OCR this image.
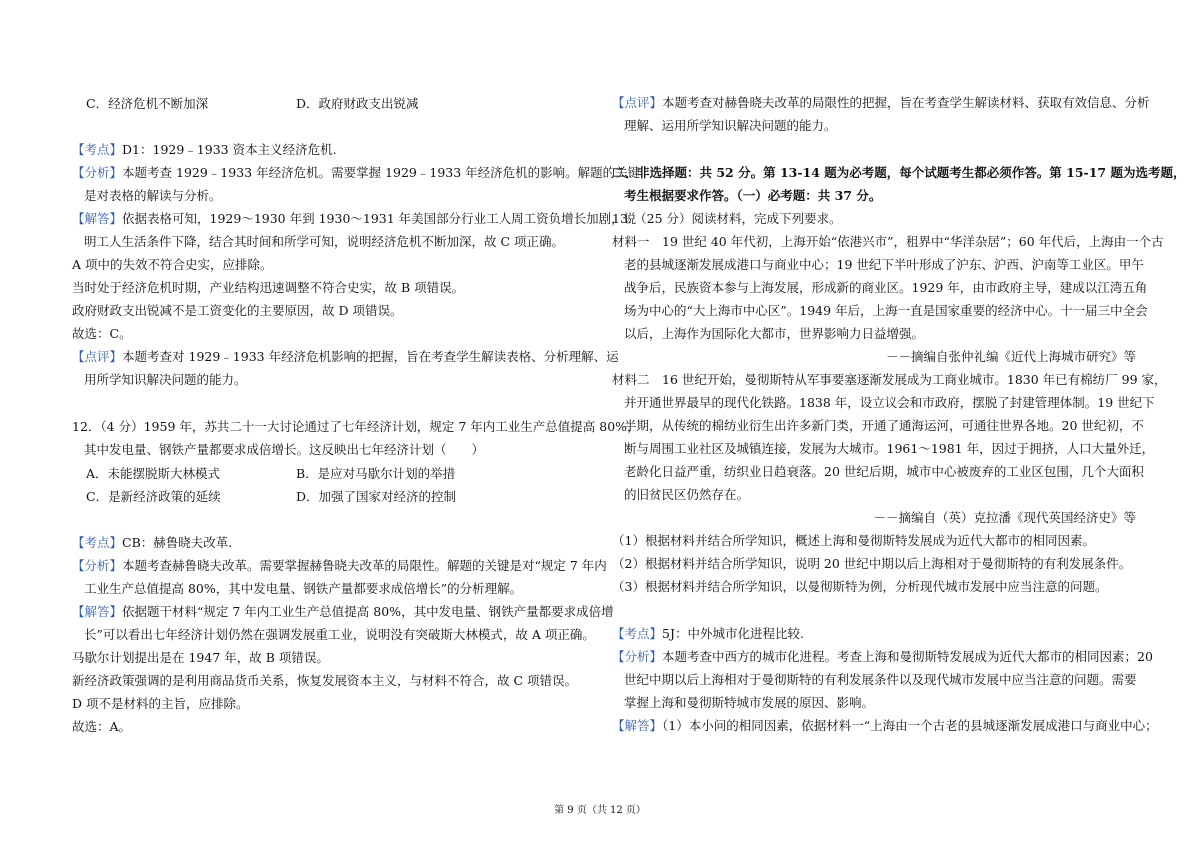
C．经济危机不断加深	D．政府财政支出锐减
【考点】D1：1929﹣1933 资本主义经济危机.
【分析】本题考查 1929﹣1933 年经济危机。需要掌握 1929﹣1933 年经济危机的影响。解题的关键
是对表格的解读与分析。
【解答】依据表格可知，1929～1930 年到 1930～1931 年美国部分行业工人周工资负增长加剧，说
明工人生活条件下降，结合其时间和所学可知，说明经济危机不断加深，故 C 项正确。
A 项中的失效不符合史实，应排除。
当时处于经济危机时期，产业结构迅速调整不符合史实，故 B 项错误。
政府财政支出锐减不是工资变化的主要原因，故 D 项错误。
故选：C。
【点评】本题考查对 1929﹣1933 年经济危机影响的把握，旨在考查学生解读表格、分析理解、运
用所学知识解决问题的能力。
12．（4 分）1959 年，苏共二十一大讨论通过了七年经济计划，规定 7 年内工业生产总值提高 80%，
其中发电量、钢铁产量都要求成倍增长。这反映出七年经济计划（　　）
A．未能摆脱斯大林模式	B．是应对马歇尔计划的举措
C．是新经济政策的延续	D．加强了国家对经济的控制
【考点】CB：赫鲁晓夫改革.
【分析】本题考查赫鲁晓夫改革。需要掌握赫鲁晓夫改革的局限性。解题的关键是对“规定 7 年内
工业生产总值提高 80%，其中发电量、钢铁产量都要求成倍增长”的分析理解。
【解答】依据题干材料“规定 7 年内工业生产总值提高 80%，其中发电量、钢铁产量都要求成倍增
长”可以看出七年经济计划仍然在强调发展重工业，说明没有突破斯大林模式，故 A 项正确。
马歇尔计划提出是在 1947 年，故 B 项错误。
新经济政策强调的是利用商品货币关系，恢复发展资本主义，与材料不符合，故 C 项错误。
D 项不是材料的主旨，应排除。
故选：A。
【点评】本题考查对赫鲁晓夫改革的局限性的把握，旨在考查学生解读材料、获取有效信息、分析
理解、运用所学知识解决问题的能力。
二、非选择题：共 52 分。第 13-14 题为必考题，每个试题考生都必须作答。第 15-17 题为选考题，
考生根据要求作答。（一）必考题：共 37 分。
13．（25 分）阅读材料，完成下列要求。
材料一　19 世纪 40 年代初，上海开始“依港兴市”，租界中“华洋杂居”；60 年代后，上海由一个古
老的县城逐渐发展成港口与商业中心；19 世纪下半叶形成了沪东、沪西、沪南等工业区。甲午
战争后，民族资本参与上海发展，形成新的商业区。1929 年，由市政府主导，建成以江湾五角
场为中心的“大上海市中心区”。1949 年后，上海一直是国家重要的经济中心。十一届三中全会
以后，上海作为国际化大都市，世界影响力日益增强。
－－摘编自张仲礼编《近代上海城市研究》等
材料二　16 世纪开始，曼彻斯特从军事要塞逐渐发展成为工商业城市。1830 年已有棉纺厂 99 家，
并开通世界最早的现代化铁路。1838 年，设立议会和市政府，摆脱了封建管理体制。19 世纪下
半期，从传统的棉纺业衍生出许多新门类，开通了通海运河，可通往世界各地。20 世纪初，不
断与周围工业社区及城镇连接，发展为大城市。1961～1981 年，因过于拥挤，人口大量外迁，
老龄化日益严重，纺织业日趋衰落。20 世纪后期，城市中心被废弃的工业区包围，几个大面积
的旧贫民区仍然存在。
－－摘编自（英）克拉潘《现代英国经济史》等
（1）根据材料并结合所学知识，概述上海和曼彻斯特发展成为近代大都市的相同因素。
（2）根据材料并结合所学知识，说明 20 世纪中期以后上海相对于曼彻斯特的有利发展条件。
（3）根据材料并结合所学知识，以曼彻斯特为例，分析现代城市发展中应当注意的问题。
【考点】5J：中外城市化进程比较.
【分析】本题考查中西方的城市化进程。考查上海和曼彻斯特发展成为近代大都市的相同因素；20
世纪中期以后上海相对于曼彻斯特的有利发展条件以及现代城市发展中应当注意的问题。需要
掌握上海和曼彻斯特城市发展的原因、影响。
【解答】（1）本小问的相同因素，依据材料一“上海由一个古老的县城逐渐发展成港口与商业中心；
第 9 页（共 12 页）
